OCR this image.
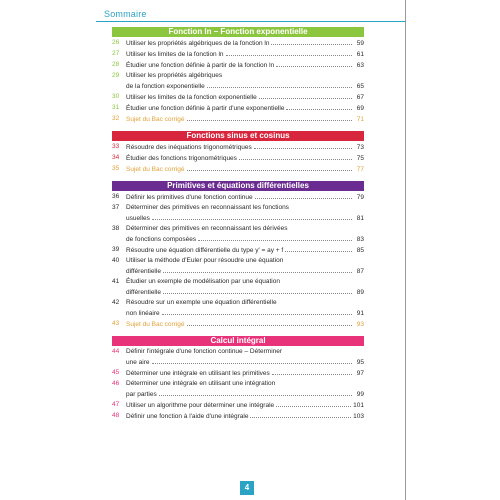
Sommaire
Fonction ln – Fonction exponentielle
26	Utiliser les propriétés algébriques de la fonction ln	59
27	Utiliser les limites de la fonction ln	61
28	Étudier une fonction définie à partir de la fonction ln	63
29	Utiliser les propriétés algébriques
de la fonction exponentielle	65
30	Utiliser les limites de la fonction exponentielle	67
31	Étudier une fonction définie à partir d'une exponentielle	69
32	Sujet du Bac corrigé	71
Fonctions sinus et cosinus
33	Résoudre des inéquations trigonométriques	73
34	Étudier des fonctions trigonométriques	75
35	Sujet du Bac corrigé	77
Primitives et équations différentielles
36	Définir les primitives d'une fonction continue	79
37	Déterminer des primitives en reconnaissant les fonctions
usuelles	81
38	Déterminer des primitives en reconnaissant les dérivées
de fonctions composées	83
39	Résoudre une équation différentielle du type y′ = ay + f	85
40	Utiliser la méthode d'Euler pour résoudre une équation
différentielle	87
41	Étudier un exemple de modélisation par une équation
différentielle	89
42	Résoudre sur un exemple une équation différentielle
non linéaire	91
43	Sujet du Bac corrigé	93
Calcul intégral
44	Définir l'intégrale d'une fonction continue – Déterminer
une aire	95
45	Déterminer une intégrale en utilisant les primitives	97
46	Déterminer une intégrale en utilisant une intégration
par parties	99
47	Utiliser un algorithme pour déterminer une intégrale	101
48	Définir une fonction à l'aide d'une intégrale	103
4
